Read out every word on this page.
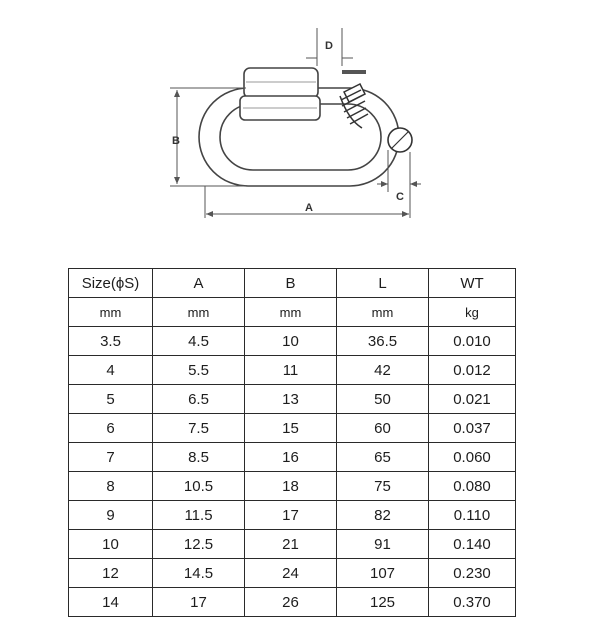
D
B
A
C
Size(ϕS)	A	B	L	WT
mm	mm	mm	mm	kg
3.5	4.5	10	36.5	0.010
4	5.5	11	42	0.012
5	6.5	13	50	0.021
6	7.5	15	60	0.037
7	8.5	16	65	0.060
8	10.5	18	75	0.080
9	11.5	17	82	0.110
10	12.5	21	91	0.140
12	14.5	24	107	0.230
14	17	26	125	0.370
